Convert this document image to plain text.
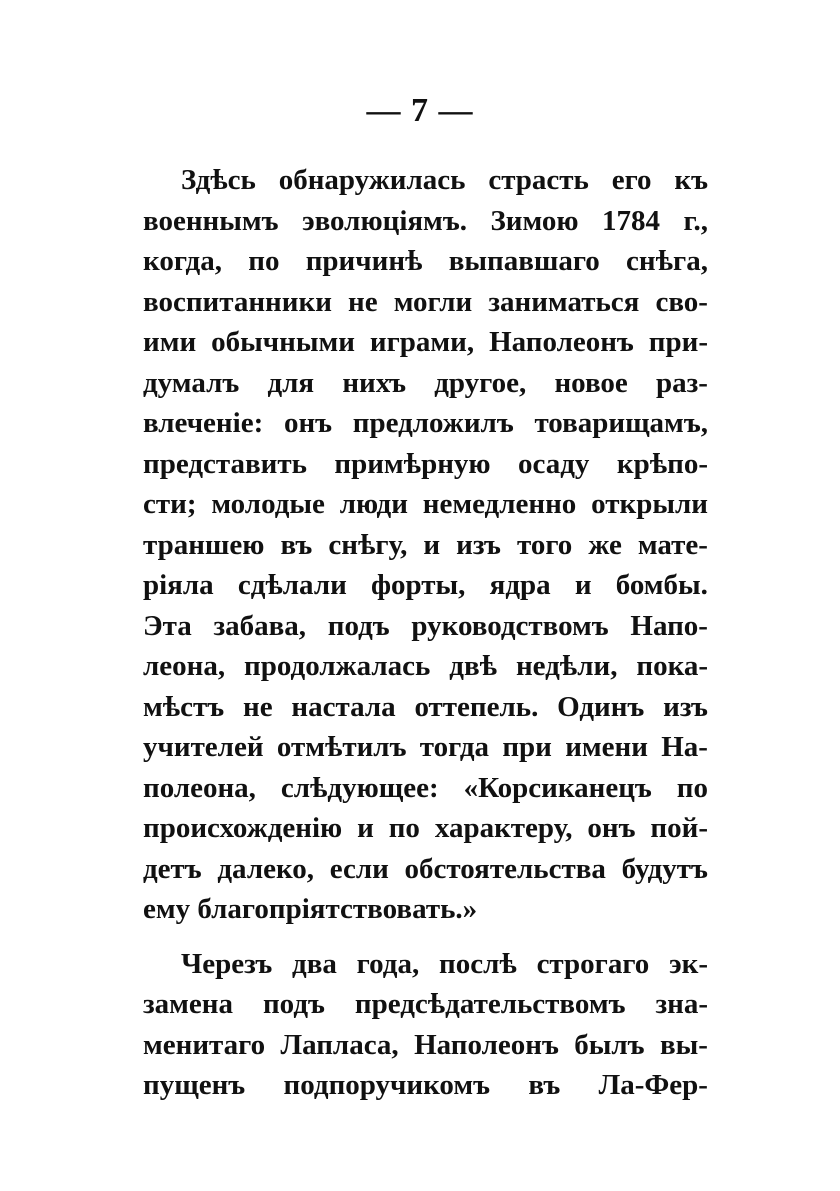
— 7 —
Здѣсь обнаружилась страсть его къ
военнымъ эволюціямъ. Зимою 1784 г.,
когда, по причинѣ выпавшаго снѣга,
воспитанники не могли заниматься сво-
ими обычными играми, Наполеонъ при-
думалъ для нихъ другое, новое раз-
влеченіе: онъ предложилъ товарищамъ,
представить примѣрную осаду крѣпо-
сти; молодые люди немедленно открыли
траншею въ снѣгу, и изъ того же мате-
ріяла сдѣлали форты, ядра и бомбы.
Эта забава, подъ руководствомъ Напо-
леона, продолжалась двѣ недѣли, пока-
мѣстъ не настала оттепель. Одинъ изъ
учителей отмѣтилъ тогда при имени На-
полеона, слѣдующее: «Корсиканецъ по
происхожденію и по характеру, онъ пой-
детъ далеко, если обстоятельства будутъ
ему благопріятствовать.»
Черезъ два года, послѣ строгаго эк-
замена подъ предсѣдательствомъ зна-
менитаго Лапласа, Наполеонъ былъ вы-
пущенъ подпоручикомъ въ Ла-Фер-
